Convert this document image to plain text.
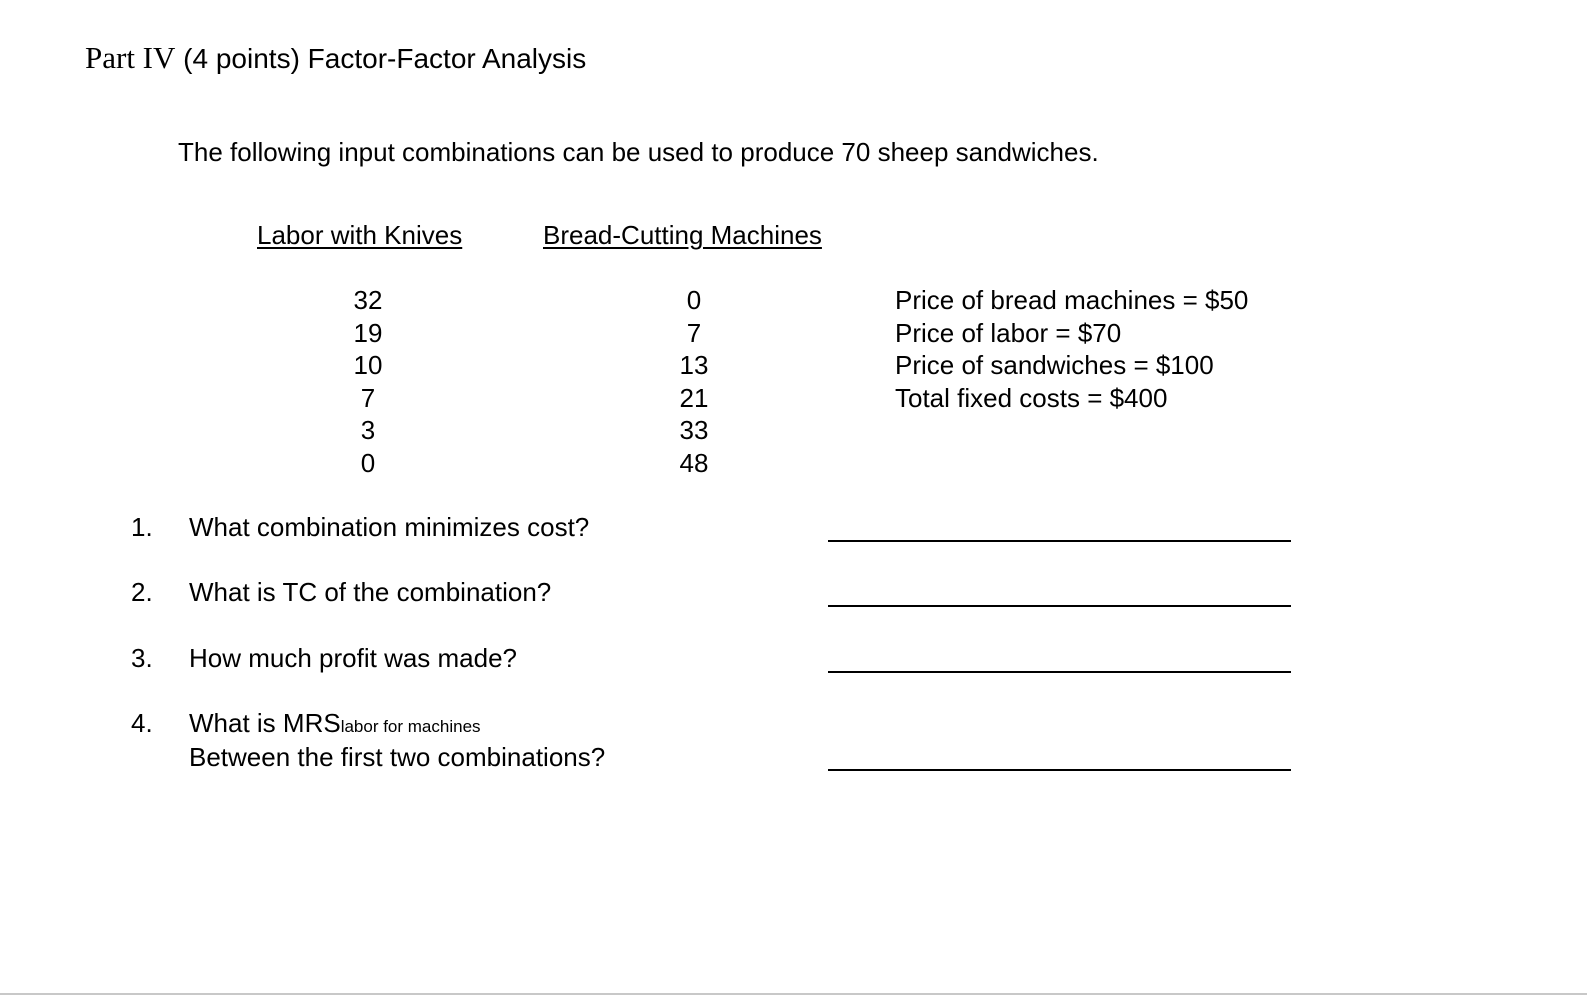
Part IV (4 points) Factor-Factor Analysis
The following input combinations can be used to produce 70 sheep sandwiches.
Labor with Knives	Bread-Cutting Machines
32
19
10
7
3
0
0
7
13
21
33
48
Price of bread machines = $50
Price of labor = $70
Price of sandwiches = $100
Total fixed costs = $400
1. What combination minimizes cost?
2. What is TC of the combination?
3. How much profit was made?
4. What is MRSlabor for machines
Between the first two combinations?
